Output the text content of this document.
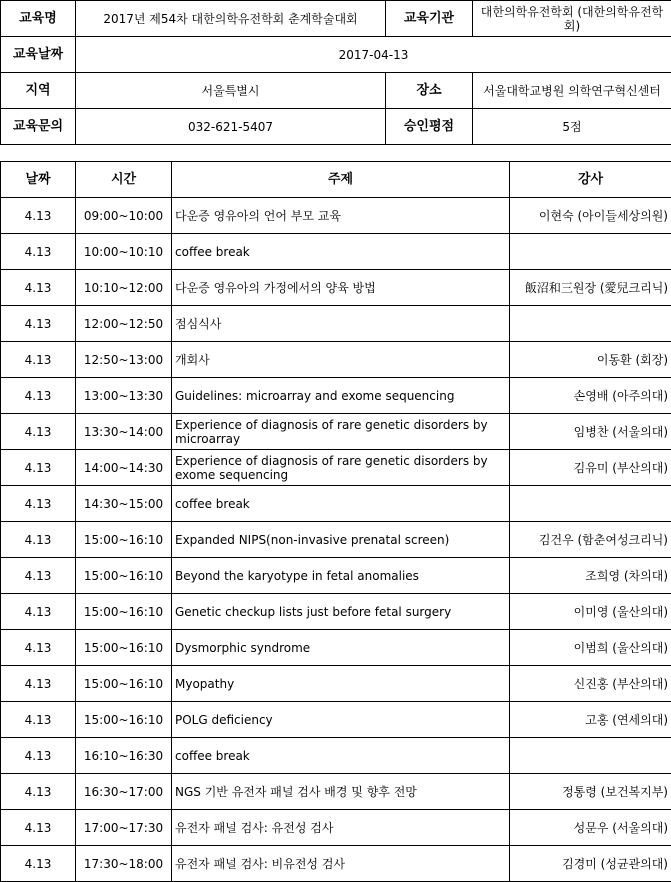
교육명	2017년 제54차 대한의학유전학회 춘계학술대회	교육기관	대한의학유전학회 (대한의학유전학회)
교육날짜	2017-04-13		
지역	서울특별시	장소	서울대학교병원 의학연구혁신센터
교육문의	032-621-5407	승인평점	5점
날짜	시간	주제	강사
4.13	09:00~10:00	다운증 영유아의 언어 부모 교육	이현숙 (아이들세상의원)
4.13	10:00~10:10	coffee break	
4.13	10:10~12:00	다운증 영유아의 가정에서의 양육 방법	飯沼和三원장 (愛兒크리닉)
4.13	12:00~12:50	점심식사	
4.13	12:50~13:00	개회사	이동환 (회장)
4.13	13:00~13:30	Guidelines: microarray and exome sequencing	손영배 (아주의대)
4.13	13:30~14:00	Experience of diagnosis of rare genetic disorders by microarray	임병찬 (서울의대)
4.13	14:00~14:30	Experience of diagnosis of rare genetic disorders by exome sequencing	김유미 (부산의대)
4.13	14:30~15:00	coffee break	
4.13	15:00~16:10	Expanded NIPS(non-invasive prenatal screen)	김건우 (함춘여성크리닉)
4.13	15:00~16:10	Beyond the karyotype in fetal anomalies	조희영 (차의대)
4.13	15:00~16:10	Genetic checkup lists just before fetal surgery	이미영 (울산의대)
4.13	15:00~16:10	Dysmorphic syndrome	이범희 (울산의대)
4.13	15:00~16:10	Myopathy	신진홍 (부산의대)
4.13	15:00~16:10	POLG deficiency	고홍 (연세의대)
4.13	16:10~16:30	coffee break	
4.13	16:30~17:00	NGS 기반 유전자 패널 검사 배경 및 향후 전망	정통령 (보건복지부)
4.13	17:00~17:30	유전자 패널 검사: 유전성 검사	성문우 (서울의대)
4.13	17:30~18:00	유전자 패널 검사: 비유전성 검사	김경미 (성균관의대)
